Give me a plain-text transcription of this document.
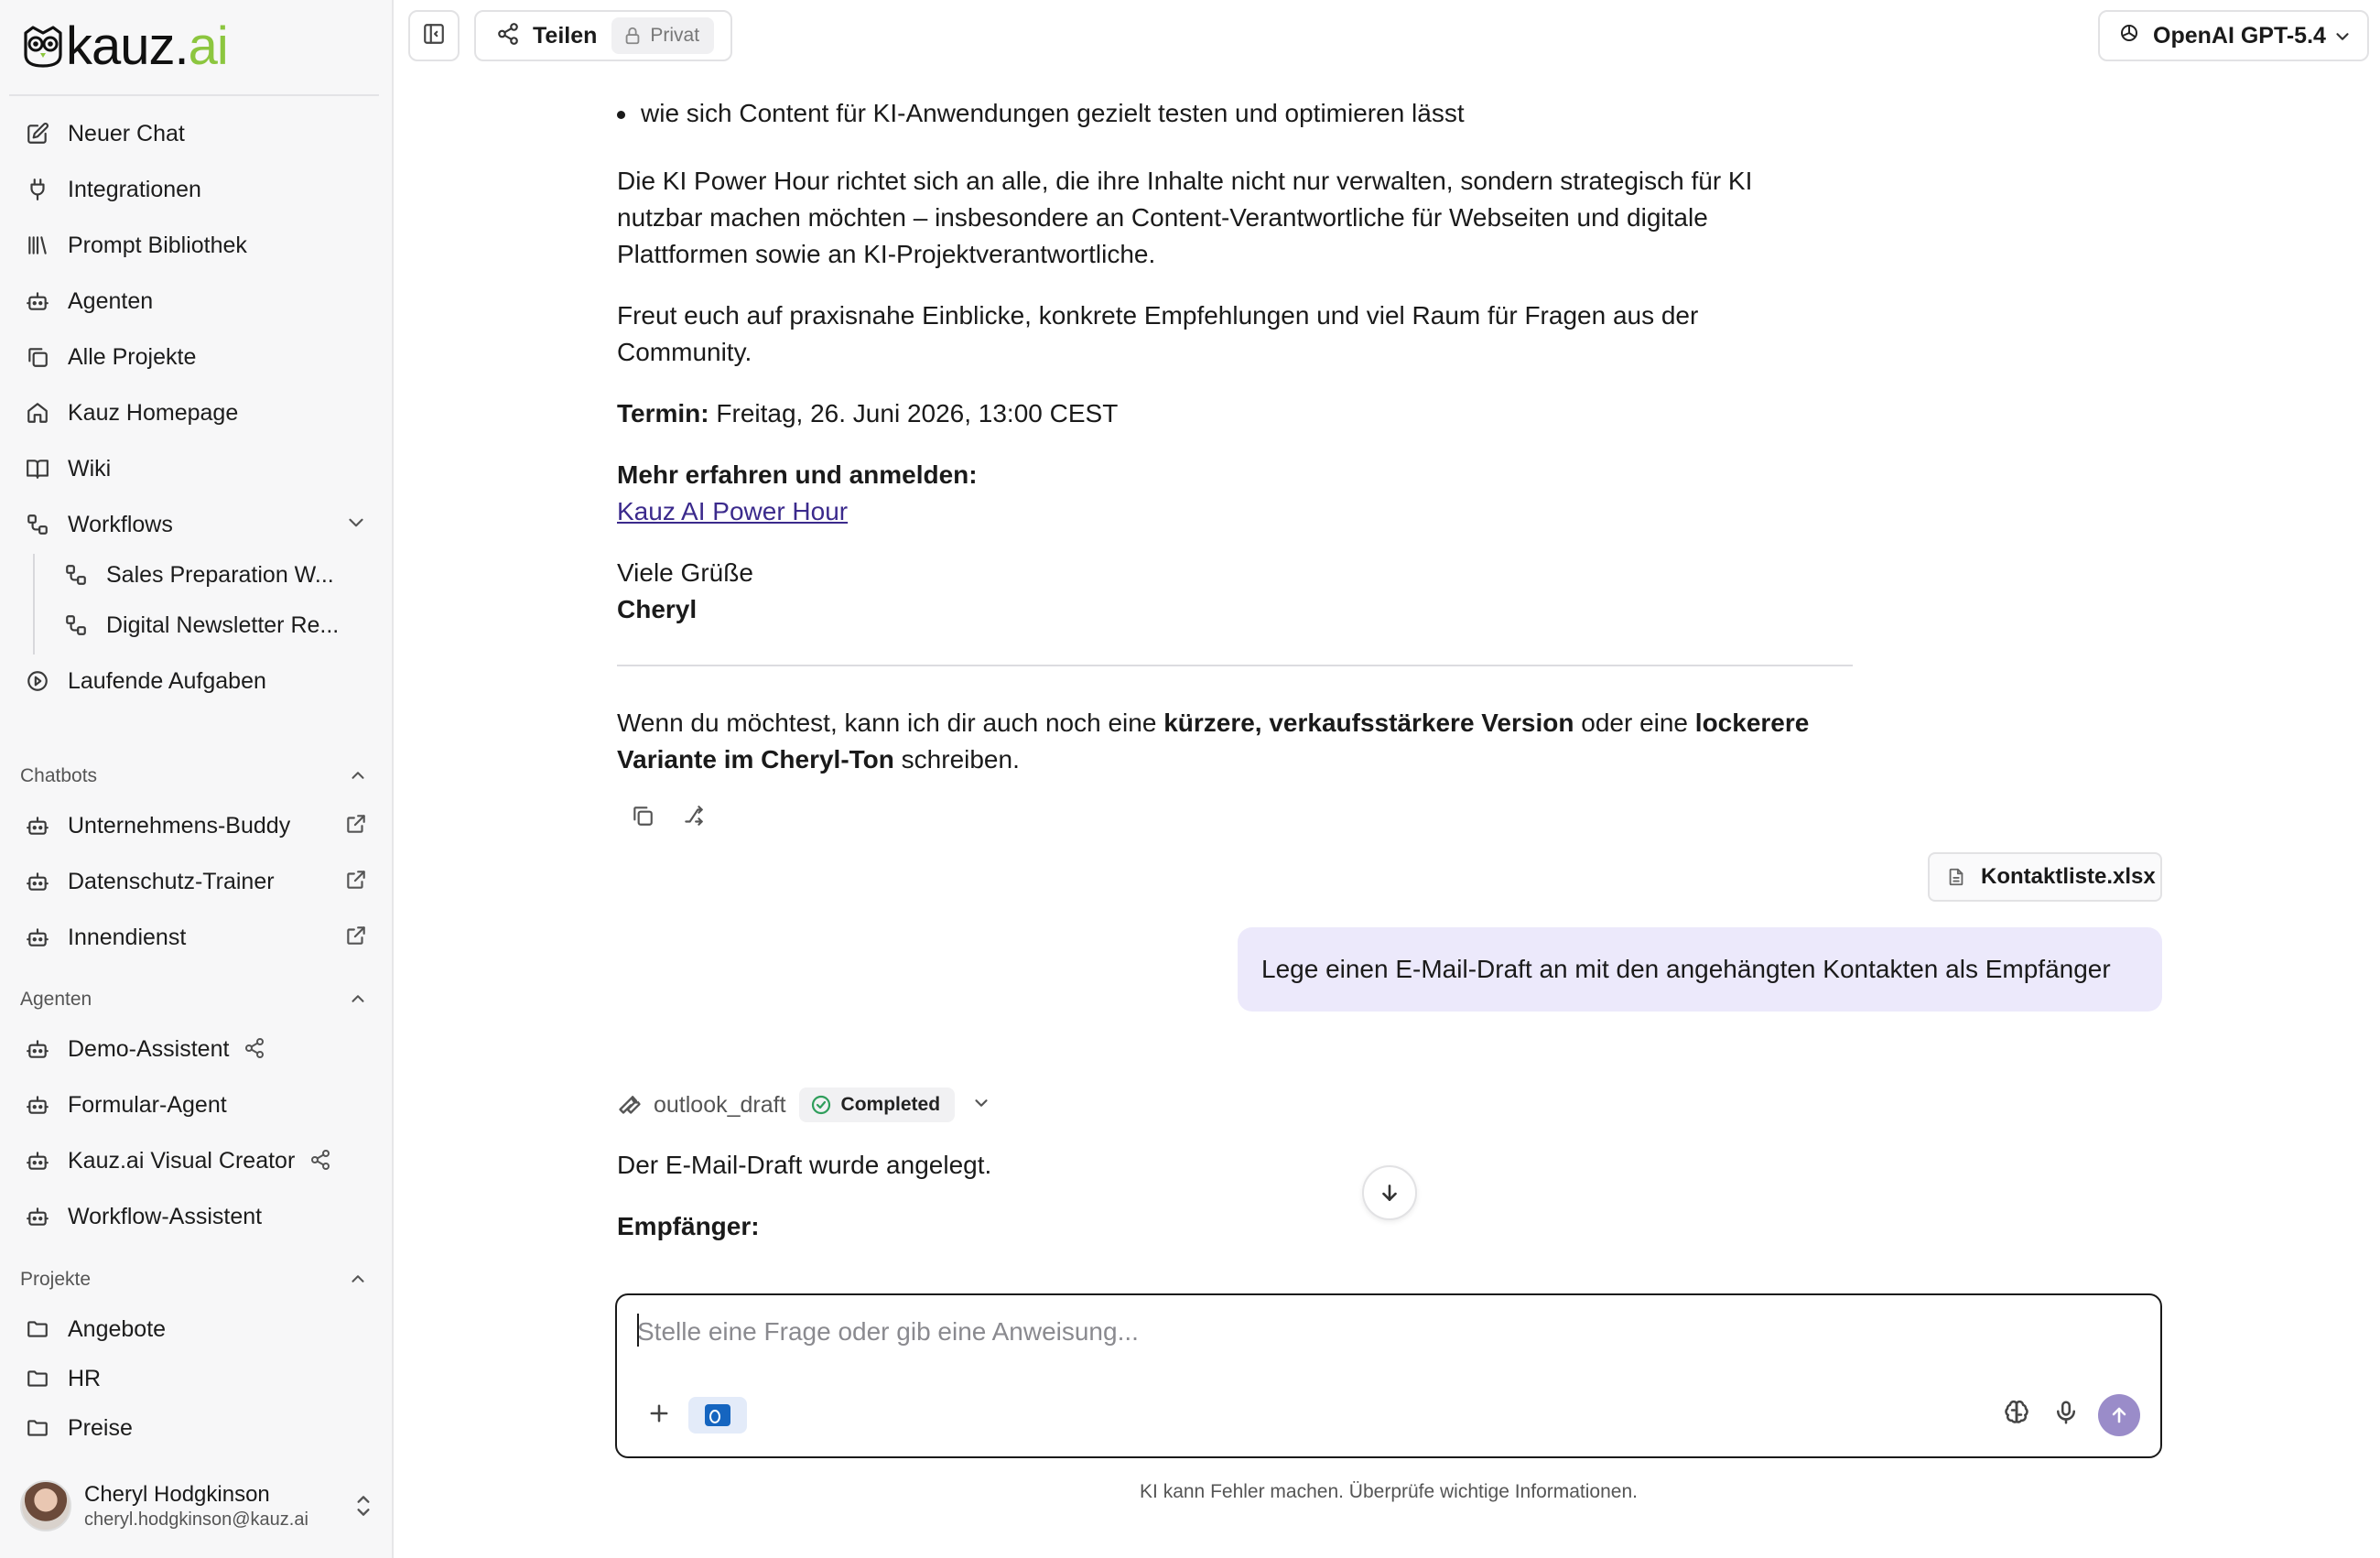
kauz.ai
Neuer Chat
Integrationen
Prompt Bibliothek
Agenten
Alle Projekte
Kauz Homepage
Wiki
Workflows
Sales Preparation W...
Digital Newsletter Re...
Laufende Aufgaben
Chatbots
Unternehmens-Buddy
Datenschutz-Trainer
Innendienst
Agenten
Demo-Assistent
Formular-Agent
Kauz.ai Visual Creator
Workflow-Assistent
Projekte
Angebote
HR
Preise
Cheryl Hodgkinson
cheryl.hodgkinson@kauz.ai
Teilen	Privat	OpenAI GPT-5.4
wie sich Content für KI-Anwendungen gezielt testen und optimieren lässt
Die KI Power Hour richtet sich an alle, die ihre Inhalte nicht nur verwalten, sondern strategisch für KI
nutzbar machen möchten – insbesondere an Content-Verantwortliche für Webseiten und digitale
Plattformen sowie an KI-Projektverantwortliche.
Freut euch auf praxisnahe Einblicke, konkrete Empfehlungen und viel Raum für Fragen aus der
Community.
Termin: Freitag, 26. Juni 2026, 13:00 CEST
Mehr erfahren und anmelden:
Kauz AI Power Hour
Viele Grüße
Cheryl
Wenn du möchtest, kann ich dir auch noch eine kürzere, verkaufsstärkere Version oder eine lockerere
Variante im Cheryl-Ton schreiben.
Kontaktliste.xlsx
Lege einen E-Mail-Draft an mit den angehängten Kontakten als Empfänger
outlook_draft	Completed
Der E-Mail-Draft wurde angelegt.
Empfänger:
Stelle eine Frage oder gib eine Anweisung...
KI kann Fehler machen. Überprüfe wichtige Informationen.
